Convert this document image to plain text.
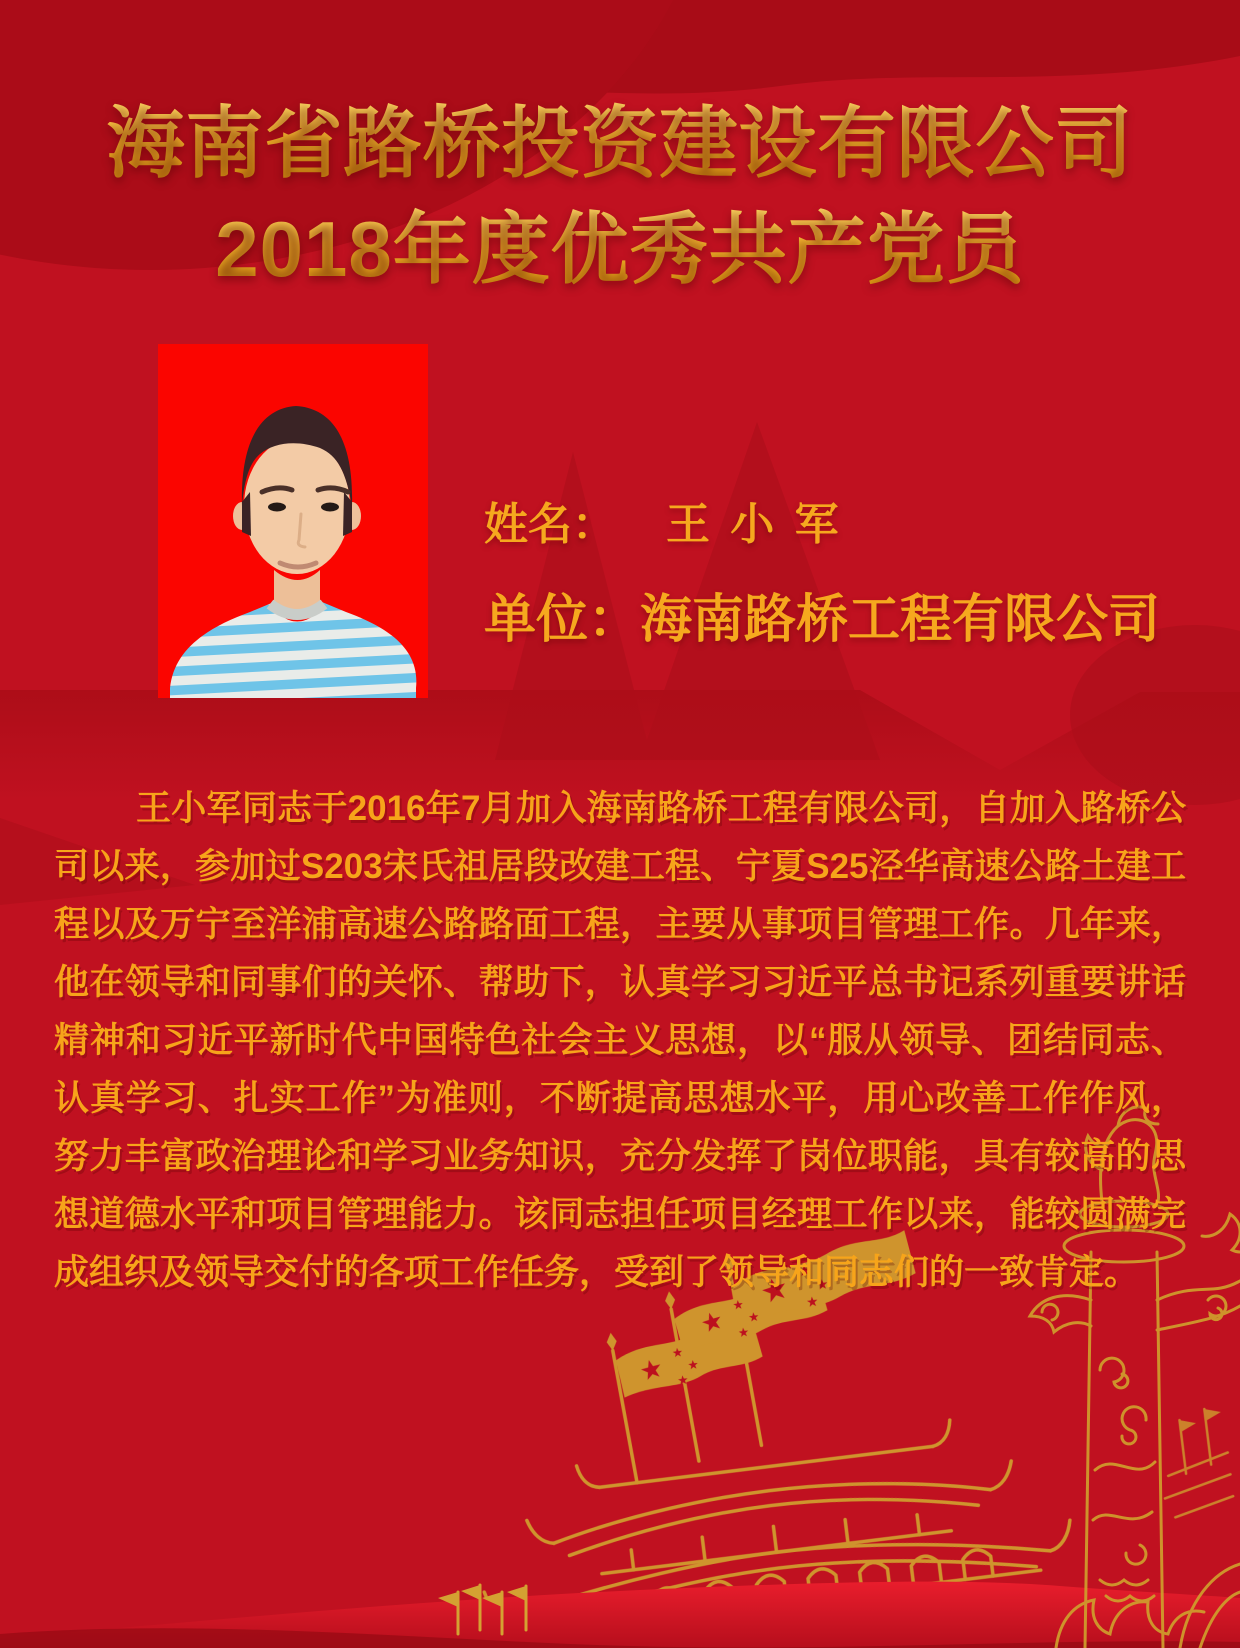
海南省路桥投资建设有限公司
2018年度优秀共产党员
姓名： 王 小 军
单位：海南路桥工程有限公司
王小军同志于2016年7月加入海南路桥工程有限公司，自加入路桥公
司以来，参加过S203宋氏祖居段改建工程、宁夏S25泾华高速公路土建工
程以及万宁至洋浦高速公路路面工程，主要从事项目管理工作。几年来，
他在领导和同事们的关怀、帮助下，认真学习习近平总书记系列重要讲话
精神和习近平新时代中国特色社会主义思想，以“服从领导、团结同志、
认真学习、扎实工作”为准则，不断提高思想水平，用心改善工作作风，
努力丰富政治理论和学习业务知识，充分发挥了岗位职能，具有较高的思
想道德水平和项目管理能力。该同志担任项目经理工作以来，能较圆满完
成组织及领导交付的各项工作任务，受到了领导和同志们的一致肯定。
